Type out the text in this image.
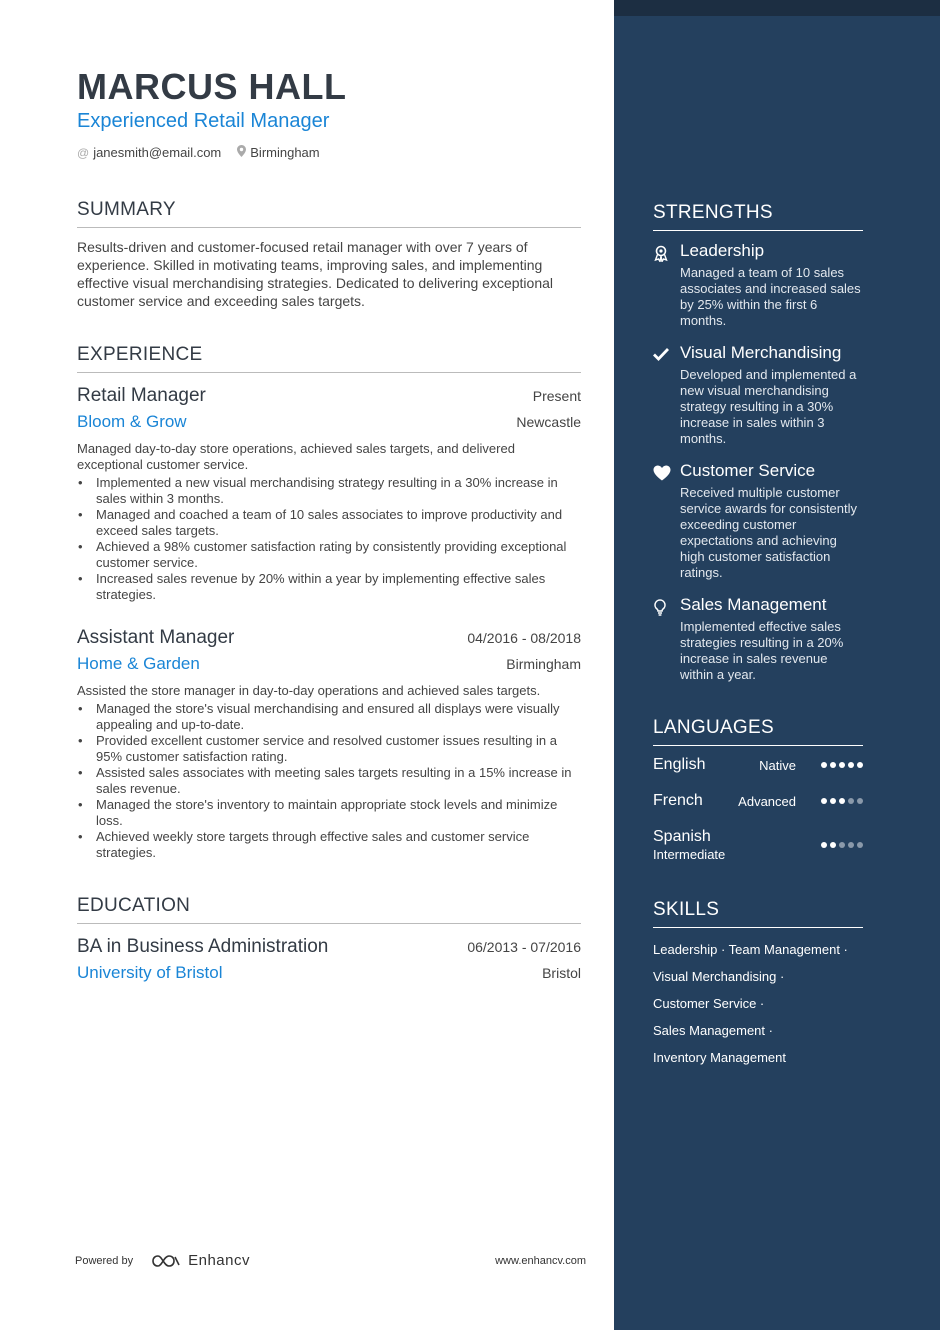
MARCUS HALL
Experienced Retail Manager
@ janesmith@email.com Birmingham
SUMMARY
Results-driven and customer-focused retail manager with over 7 years of experience. Skilled in motivating teams, improving sales, and implementing effective visual merchandising strategies. Dedicated to delivering exceptional customer service and exceeding sales targets.
EXPERIENCE
Retail Manager	Present
Bloom & Grow	Newcastle
Managed day-to-day store operations, achieved sales targets, and delivered exceptional customer service.
• Implemented a new visual merchandising strategy resulting in a 30% increase in sales within 3 months.
• Managed and coached a team of 10 sales associates to improve productivity and exceed sales targets.
• Achieved a 98% customer satisfaction rating by consistently providing exceptional customer service.
• Increased sales revenue by 20% within a year by implementing effective sales strategies.
Assistant Manager	04/2016 - 08/2018
Home & Garden	Birmingham
Assisted the store manager in day-to-day operations and achieved sales targets.
• Managed the store's visual merchandising and ensured all displays were visually appealing and up-to-date.
• Provided excellent customer service and resolved customer issues resulting in a 95% customer satisfaction rating.
• Assisted sales associates with meeting sales targets resulting in a 15% increase in sales revenue.
• Managed the store's inventory to maintain appropriate stock levels and minimize loss.
• Achieved weekly store targets through effective sales and customer service strategies.
EDUCATION
BA in Business Administration	06/2013 - 07/2016
University of Bristol	Bristol
Powered by	Enhancv	www.enhancv.com
STRENGTHS
Leadership
Managed a team of 10 sales associates and increased sales by 25% within the first 6 months.
Visual Merchandising
Developed and implemented a new visual merchandising strategy resulting in a 30% increase in sales within 3 months.
Customer Service
Received multiple customer service awards for consistently exceeding customer expectations and achieving high customer satisfaction ratings.
Sales Management
Implemented effective sales strategies resulting in a 20% increase in sales revenue within a year.
LANGUAGES
English	Native
French	Advanced
Spanish
Intermediate
SKILLS
Leadership · Team Management ·
Visual Merchandising ·
Customer Service ·
Sales Management ·
Inventory Management
